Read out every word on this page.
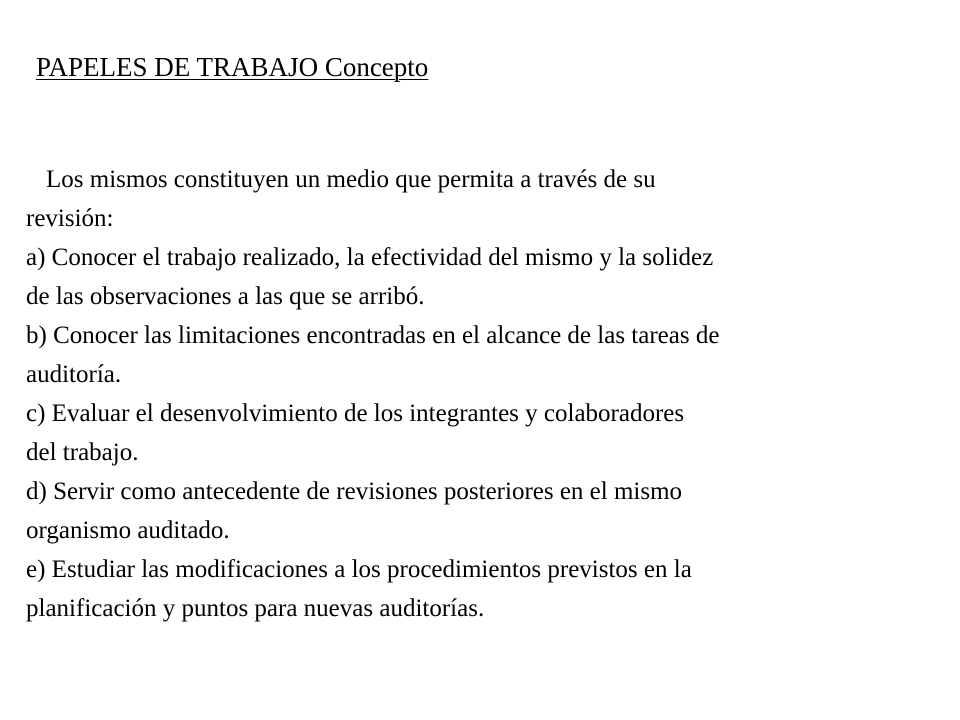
PAPELES DE TRABAJO Concepto

Los mismos constituyen un medio que permita a través de su

revisión:

a) Conocer el trabajo realizado, la efectividad del mismo y la solidez

de las observaciones a las que se arribó.

b) Conocer las limitaciones encontradas en el alcance de las tareas de

auditoría.

c) Evaluar el desenvolvimiento de los integrantes y colaboradores

del trabajo.

d) Servir como antecedente de revisiones posteriores en el mismo

organismo auditado.

e) Estudiar las modificaciones a los procedimientos previstos en la

planificación y puntos para nuevas auditorías.
